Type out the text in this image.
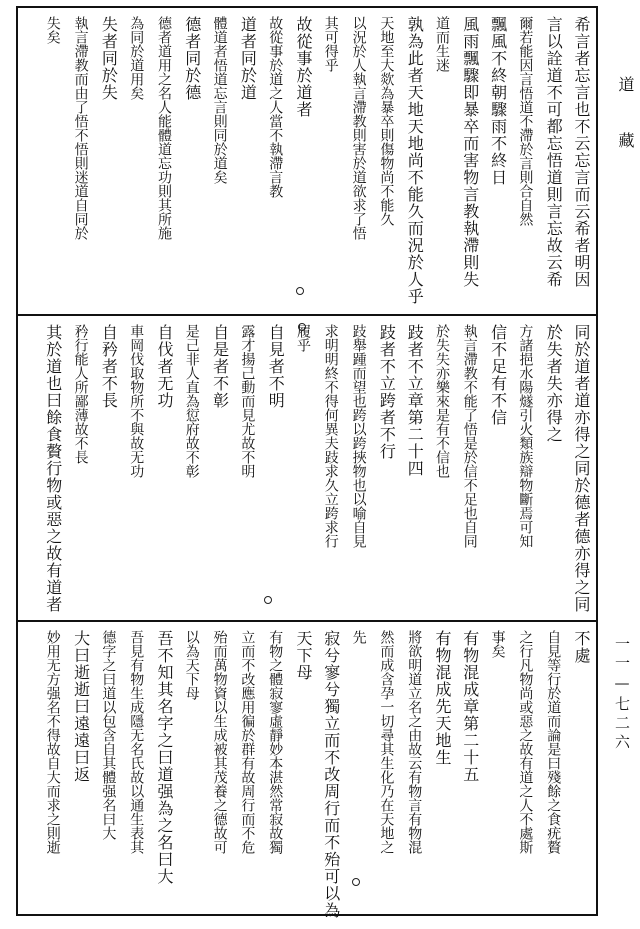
希言者忘言也不云忘言而云希者明因
言以詮道不可都忘悟道則言忘故云希
爾若能因言悟道不滯於言則合自然
飄風不終朝驟雨不終日
風雨飄驟即暴卒而害物言教執滯則失
道而生迷
孰為此者天地天地尚不能久而況於人乎
天地至大欻為暴卒則傷物尚不能久
以況於人執言滯教則害於道欲求了悟
其可得乎
故從事於道者
故從事於道之人當不執滯言教
道者同於道
體道者悟道忘言則同於道矣
德者同於德
德者道用之名人能體道忘功則其所施
為同於道用矣
失者同於失
執言滯教而由了悟不悟則迷道自同於
失矣
同於道者道亦得之同於德者德亦得之同
於失者失亦得之
方諸挹水陽燧引火類族辯物斷焉可知
信不足有不信
執言滯教不能了悟是於信不足也自同
於失失亦樂來是有不信也
跂者不立章第二十四
跂者不立跨者不行
跂舉踵而望也跨以跨挾物也以喻自見
求明明終不得何異夫跂求久立跨求行
履乎
自見者不明
露才揚己動而見尤故不明
自是者不彰
是己非人直為愆府故不彰
自伐者无功
車岡伐取物所不與故无功
自矜者不長
矜行能人所鄙薄故不長
其於道也曰餘食贅行物或惡之故有道者
不處
自見等行於道而論是曰殘餘之食疣贅
之行凡物尚或惡之故有道之人不處斯
事矣
有物混成章第二十五
有物混成先天地生
將欲明道立名之由故云有物言有物混
然而成含孕一切尋其生化乃在天地之
先
寂兮寥兮獨立而不改周行而不殆可以為
天下母
有物之體寂寥虛靜妙本湛然常寂故獨
立而不改應用徧於群有故周行而不危
殆而萬物資以生成被其茂養之德故可
以為天下母
吾不知其名字之曰道强為之名曰大
吾見有物生成隱无名氏故以通生表其
德字之曰道以包含自其體强名曰大
大曰逝逝曰遠遠曰返
妙用无方强名不得故自大而求之則逝
道藏
一一—七二六
